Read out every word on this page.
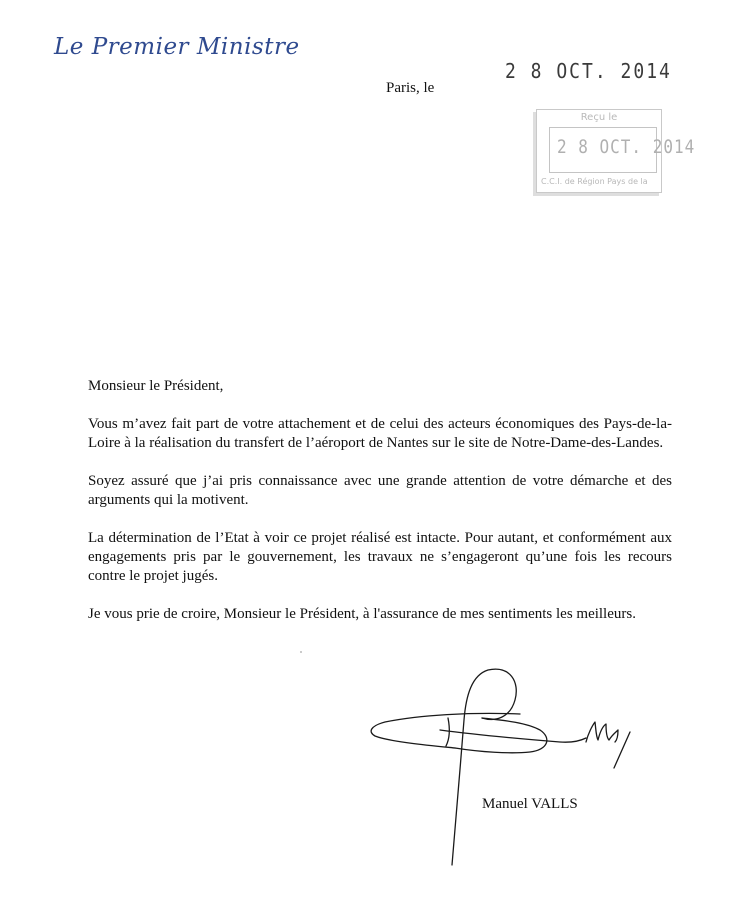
Le Premier Ministre
2 8 OCT. 2014
Paris, le
Reçu le
2 8 OCT. 2014
C.C.I. de Région Pays de la

Monsieur le Président,

Vous m’avez fait part de votre attachement et de celui des acteurs économiques des Pays-de-la-Loire à la réalisation du transfert de l’aéroport de Nantes sur le site de Notre-Dame-des-Landes.

Soyez assuré que j’ai pris connaissance avec une grande attention de votre démarche et des arguments qui la motivent.

La détermination de l’Etat à voir ce projet réalisé est intacte. Pour autant, et conformément aux engagements pris par le gouvernement, les travaux ne s’engageront qu’une fois les recours contre le projet jugés.

Je vous prie de croire, Monsieur le Président, à l'assurance de mes sentiments les meilleurs.

Manuel VALLS
